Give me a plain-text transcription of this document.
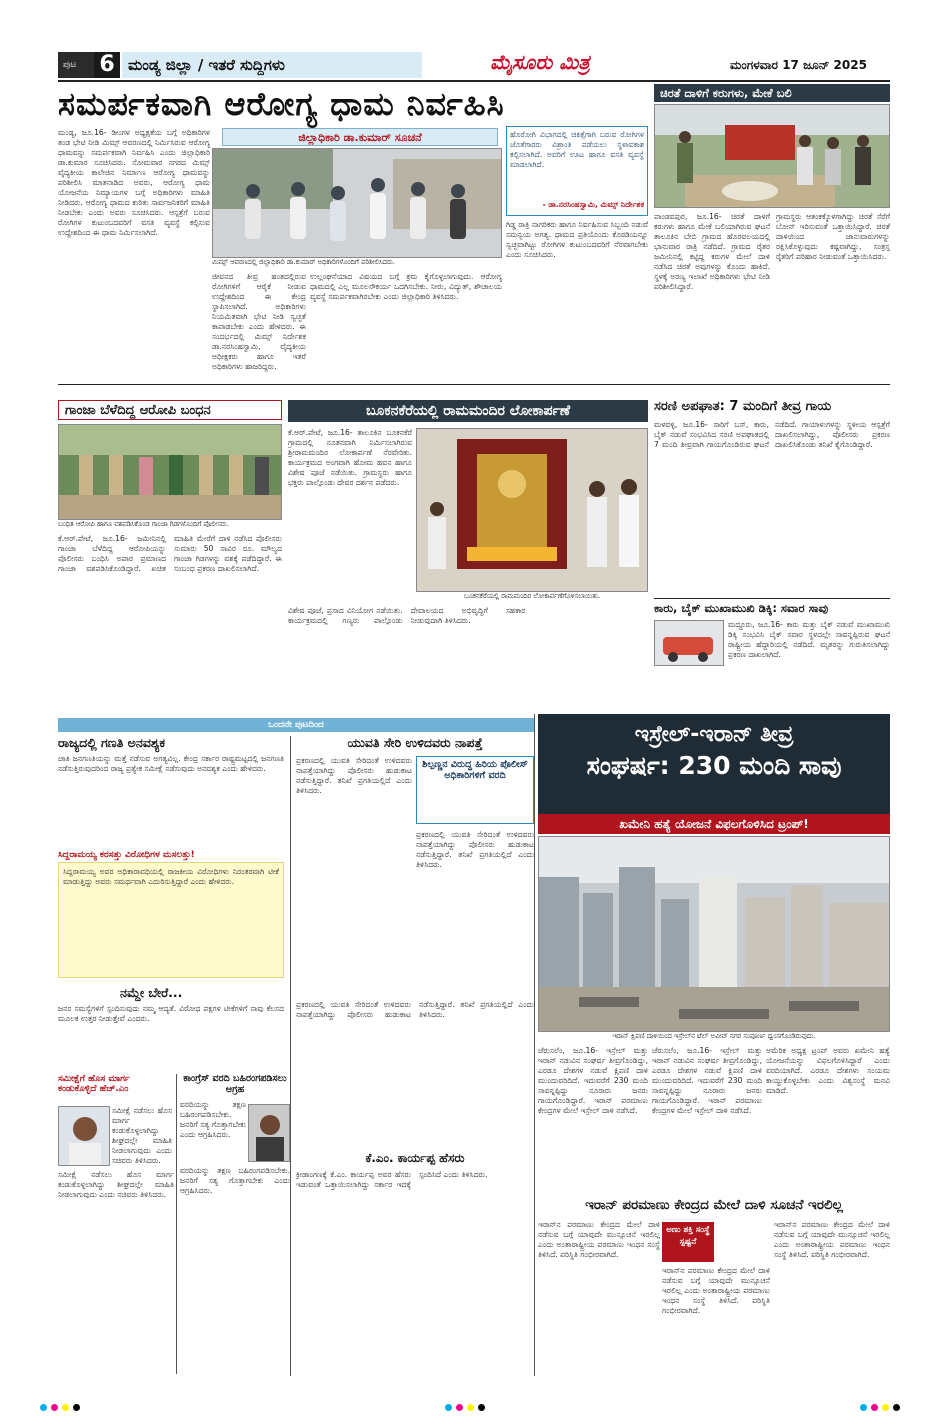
ಪುಟ 6 ಮಂಡ್ಯ ಜಿಲ್ಲಾ / ಇತರೆ ಸುದ್ದಿಗಳು	ಮೈಸೂರು ಮಿತ್ರ	ಮಂಗಳವಾರ 17 ಜೂನ್ 2025
ಸಮರ್ಪಕವಾಗಿ ಆರೋಗ್ಯ ಧಾಮ ನಿರ್ವಹಿಸಿ
ಮಂಡ್ಯ, ಜೂ.16- ಡೀಂಗಳ ಅಧ್ಯಕ್ಷತೆಯ ಬಗ್ಗೆ ಅಧಿಕಾರಿಗಳ ತಂಡ ಭೇಟಿ ನೀಡಿ ಮಿಮ್ಸ್ ಆವರಣದಲ್ಲಿ ನಿರ್ಮಿಸಿರುವ ಆರೋಗ್ಯ ಧಾಮವನ್ನು ಸಮರ್ಪಕವಾಗಿ ನಿರ್ವಹಿಸಿ ಎಂದು ಜಿಲ್ಲಾಧಿಕಾರಿ ಡಾ.ಕುಮಾರ ಸೂಚಿಸಿದರು. ಸೋಮವಾರ ನಗರದ ಮಿಮ್ಸ್ ವೈದ್ಯಕೀಯ ಕಾಲೇಜಿನ ನಿರ್ಮಾಣ ಆರೋಗ್ಯ ಧಾಮವನ್ನು ಪರಿಶೀಲಿಸಿ ಮಾತನಾಡಿದ ಅವರು, ಆರೋಗ್ಯ ಧಾಮ ಯೋಜನೆಯ ನಿಮ್ಯಾಯಗಳ ಬಗ್ಗೆ ಅಧಿಕಾರಿಗಳು ಮಾಹಿತಿ ನೀಡಿದರು. ಆರೋಗ್ಯ ಧಾಮದ ಕುರಿತು ಸಾರ್ವಜನಿಕರಿಗೆ ಮಾಹಿತಿ ನೀಡಬೇಕು ಎಂದು ಅವರು ಸೂಚಿಸಿದರು. ಆಸ್ಪತ್ರೆಗೆ ಬರುವ ರೋಗಿಗಳ ಕುಟುಂಬದವರಿಗೆ ವಸತಿ ವ್ಯವಸ್ಥೆ ಕಲ್ಪಿಸುವ ಉದ್ದೇಶದಿಂದ ಈ ಧಾಮ ನಿರ್ಮಿಸಲಾಗಿದೆ.
ಜಿಲ್ಲಾಧಿಕಾರಿ ಡಾ.ಕುಮಾರ್ ಸೂಚನೆ
ಮಿಮ್ಸ್ ಆವರಣದಲ್ಲಿ ಜಿಲ್ಲಾಧಿಕಾರಿ ಡಾ.ಕುಮಾರ್ ಅಧಿಕಾರಿಗಳೊಂದಿಗೆ ಪರಿಶೀಲಿಸಿದರು.
ಜೀವನದ ತೀವ್ರ ಹಂತದಲ್ಲಿರುವ ರೋಗಿಗಳಿಗೆ ಆರೈಕೆ ನೀಡುವ ಉದ್ದೇಶದಿಂದ ಈ ಕೇಂದ್ರ ಸ್ಥಾಪಿಸಲಾಗಿದೆ. ಅಧಿಕಾರಿಗಳು ನಿಯಮಿತವಾಗಿ ಭೇಟಿ ನೀಡಿ ಸ್ವಚ್ಛತೆ ಕಾಪಾಡಬೇಕು ಎಂದು ಹೇಳಿದರು. ಈ ಸಂದರ್ಭದಲ್ಲಿ ಮಿಮ್ಸ್ ನಿರ್ದೇಶಕ ಡಾ.ನರಸಿಂಹಸ್ವಾಮಿ, ವೈದ್ಯಕೀಯ ಅಧೀಕ್ಷಕರು ಹಾಗೂ ಇತರೆ ಅಧಿಕಾರಿಗಳು ಹಾಜರಿದ್ದರು.
ಉಲ್ಲಂಘನೆಯಾದ ವಿಷಯದ ಬಗ್ಗೆ ಕ್ರಮ ಕೈಗೊಳ್ಳಲಾಗುವುದು. ಆರೋಗ್ಯ ಧಾಮದಲ್ಲಿ ಎಲ್ಲ ಮೂಲಸೌಕರ್ಯ ಒದಗಿಸಬೇಕು. ನೀರು, ವಿದ್ಯುತ್, ಶೌಚಾಲಯ ವ್ಯವಸ್ಥೆ ಸಮರ್ಪಕವಾಗಿರಬೇಕು ಎಂದು ಜಿಲ್ಲಾಧಿಕಾರಿ ತಿಳಿಸಿದರು.
ಹೊರೋಗಿ ವಿಭಾಗದಲ್ಲಿ ಚಿಕಿತ್ಸೆಗಾಗಿ ಬರುವ ರೋಗಿಗಳ ಜೊತೆಗಾರರು ವಿಶ್ರಾಂತಿ ಪಡೆಯಲು ಸ್ಥಳಾವಕಾಶ ಕಲ್ಪಿಸಲಾಗಿದೆ. ಅವರಿಗೆ ಊಟ ಹಾಗೂ ವಸತಿ ವ್ಯವಸ್ಥೆ ಮಾಡಲಾಗಿದೆ.
- ಡಾ.ನರಸಿಂಹಸ್ವಾಮಿ, ಮಿಮ್ಸ್ ನಿರ್ದೇಶಕ
ಗಿಡ್ಡ ರಾತ್ರಿ ನಾಗರಿಕರು ಹಾಗೂ ನಿರ್ವಹಿಸುವ ಸಿಬ್ಬಂದಿ ನಡುವೆ ಸಮನ್ವಯ ಅಗತ್ಯ. ಧಾಮದ ಪ್ರತಿಯೊಂದು ಕೊಠಡಿಯನ್ನೂ ಸ್ವಚ್ಛವಾಗಿಟ್ಟು ರೋಗಿಗಳ ಕುಟುಂಬದವರಿಗೆ ನೆರವಾಗಬೇಕು ಎಂದು ಸೂಚಿಸಿದರು.
ಚಿರತೆ ದಾಳಿಗೆ ಕರುಗಳು, ಮೇಕೆ ಬಲಿ
ಪಾಂಡವಪುರ, ಜೂ.16- ಚಿರತೆ ದಾಳಿಗೆ ಕರುಗಳು ಹಾಗೂ ಮೇಕೆ ಬಲಿಯಾಗಿರುವ ಘಟನೆ ತಾಲೂಕಿನ ಬೇಬಿ ಗ್ರಾಮದ ಹೊರವಲಯದಲ್ಲಿ ಭಾನುವಾರ ರಾತ್ರಿ ನಡೆದಿದೆ. ಗ್ರಾಮದ ರೈತರ ಜಮೀನಿನಲ್ಲಿ ಕಟ್ಟಿದ್ದ ಕರುಗಳ ಮೇಲೆ ದಾಳಿ ನಡೆಸಿದ ಚಿರತೆ ಅವುಗಳನ್ನು ಕೊಂದು ಹಾಕಿದೆ. ಸ್ಥಳಕ್ಕೆ ಅರಣ್ಯ ಇಲಾಖೆ ಅಧಿಕಾರಿಗಳು ಭೇಟಿ ನೀಡಿ ಪರಿಶೀಲಿಸಿದ್ದಾರೆ.
ಗ್ರಾಮಸ್ಥರು ಆತಂಕಕ್ಕೊಳಗಾಗಿದ್ದು ಚಿರತೆ ಸೆರೆಗೆ ಬೋನ್ ಇರಿಸುವಂತೆ ಒತ್ತಾಯಿಸಿದ್ದಾರೆ. ಚಿರತೆ ದಾಳಿಯಿಂದ ಜಾನುವಾರುಗಳನ್ನು ರಕ್ಷಿಸಿಕೊಳ್ಳುವುದು ಕಷ್ಟವಾಗಿದ್ದು, ಸಂತ್ರಸ್ತ ರೈತರಿಗೆ ಪರಿಹಾರ ನೀಡುವಂತೆ ಒತ್ತಾಯಿಸಿದರು.
ಗಾಂಜಾ ಬೆಳೆದಿದ್ದ ಆರೋಪಿ ಬಂಧನ
ಬಂಧಿತ ಆರೋಪಿ ಹಾಗೂ ವಶಪಡಿಸಿಕೊಂಡ ಗಾಂಜಾ ಗಿಡಗಳೊಂದಿಗೆ ಪೊಲೀಸರು.
ಕೆ.ಆರ್.ಪೇಟೆ, ಜೂ.16- ಜಮೀನಿನಲ್ಲಿ ಗಾಂಜಾ ಬೆಳೆದಿದ್ದ ಆರೋಪಿಯನ್ನು ಪೊಲೀಸರು ಬಂಧಿಸಿ ಅಪಾರ ಪ್ರಮಾಣದ ಗಾಂಜಾ ವಶಪಡಿಸಿಕೊಂಡಿದ್ದಾರೆ. ಖಚಿತ ಮಾಹಿತಿ ಮೇರೆಗೆ ದಾಳಿ ನಡೆಸಿದ ಪೊಲೀಸರು ಸುಮಾರು 50 ಸಾವಿರ ರೂ. ಮೌಲ್ಯದ ಗಾಂಜಾ ಗಿಡಗಳನ್ನು ವಶಕ್ಕೆ ಪಡೆದಿದ್ದಾರೆ. ಈ ಸಂಬಂಧ ಪ್ರಕರಣ ದಾಖಲಿಸಲಾಗಿದೆ.
ಬೂಕನಕೆರೆಯಲ್ಲಿ ರಾಮಮಂದಿರ ಲೋಕಾರ್ಪಣೆ
ಕೆ.ಆರ್.ಪೇಟೆ, ಜೂ.16- ತಾಲೂಕಿನ ಬೂಕನಕೆರೆ ಗ್ರಾಮದಲ್ಲಿ ನೂತನವಾಗಿ ನಿರ್ಮಿಸಲಾಗಿರುವ ಶ್ರೀರಾಮಮಂದಿರ ಲೋಕಾರ್ಪಣೆ ನೆರವೇರಿತು. ಕಾರ್ಯಕ್ರಮದ ಅಂಗವಾಗಿ ಹೋಮ ಹವನ ಹಾಗೂ ವಿಶೇಷ ಪೂಜೆ ನಡೆಯಿತು. ಗ್ರಾಮಸ್ಥರು ಹಾಗೂ ಭಕ್ತರು ಪಾಲ್ಗೊಂಡು ದೇವರ ದರ್ಶನ ಪಡೆದರು.
ಬೂಕನಕೆರೆಯಲ್ಲಿ ರಾಮಮಂದಿರ ಲೋಕಾರ್ಪಣೆಗೊಳಿಸಲಾಯಿತು.
ವಿಶೇಷ ಪೂಜೆ, ಪ್ರಸಾದ ವಿನಿಯೋಗ ನಡೆಯಿತು. ಕಾರ್ಯಕ್ರಮದಲ್ಲಿ ಗಣ್ಯರು ಪಾಲ್ಗೊಂಡು ದೇವಾಲಯದ ಅಭಿವೃದ್ಧಿಗೆ ಸಹಕಾರ ನೀಡುವುದಾಗಿ ತಿಳಿಸಿದರು.
ಸರಣಿ ಅಪಘಾತ: 7 ಮಂದಿಗೆ ತೀವ್ರ ಗಾಯ
ಮಳವಳ್ಳಿ, ಜೂ.16- ಸಾರಿಗೆ ಬಸ್, ಕಾರು, ಬೈಕ್ ನಡುವೆ ಸಂಭವಿಸಿದ ಸರಣಿ ಅಪಘಾತದಲ್ಲಿ 7 ಮಂದಿ ತೀವ್ರವಾಗಿ ಗಾಯಗೊಂಡಿರುವ ಘಟನೆ ನಡೆದಿದೆ. ಗಾಯಾಳುಗಳನ್ನು ಸ್ಥಳೀಯ ಆಸ್ಪತ್ರೆಗೆ ದಾಖಲಿಸಲಾಗಿದ್ದು, ಪೊಲೀಸರು ಪ್ರಕರಣ ದಾಖಲಿಸಿಕೊಂಡು ತನಿಖೆ ಕೈಗೊಂಡಿದ್ದಾರೆ.
ಕಾರು, ಬೈಕ್ ಮುಖಾಮುಖಿ ಡಿಕ್ಕಿ: ಸವಾರ ಸಾವು
ಮದ್ದೂರು, ಜೂ.16- ಕಾರು ಮತ್ತು ಬೈಕ್ ನಡುವೆ ಮುಖಾಮುಖಿ ಡಿಕ್ಕಿ ಸಂಭವಿಸಿ ಬೈಕ್ ಸವಾರ ಸ್ಥಳದಲ್ಲೇ ಸಾವನ್ನಪ್ಪಿರುವ ಘಟನೆ ರಾಷ್ಟ್ರೀಯ ಹೆದ್ದಾರಿಯಲ್ಲಿ ನಡೆದಿದೆ. ಮೃತರನ್ನು ಗುರುತಿಸಲಾಗಿದ್ದು ಪ್ರಕರಣ ದಾಖಲಾಗಿದೆ.
ಒಂದನೇ ಪುಟದಿಂದ
ರಾಜ್ಯದಲ್ಲಿ ಗಣತಿ ಅನವಶ್ಯಕ
ಜಾತಿ ಜನಗಣತಿಯನ್ನು ಮತ್ತೆ ನಡೆಸುವ ಅಗತ್ಯವಿಲ್ಲ. ಕೇಂದ್ರ ಸರ್ಕಾರ ರಾಷ್ಟ್ರಮಟ್ಟದಲ್ಲಿ ಜನಗಣತಿ ನಡೆಸುತ್ತಿರುವುದರಿಂದ ರಾಜ್ಯ ಪ್ರತ್ಯೇಕ ಸಮೀಕ್ಷೆ ನಡೆಸುವುದು ಅನವಶ್ಯಕ ಎಂದು ಹೇಳಿದರು.
ಸಿದ್ದರಾಮಯ್ಯ ಕರಸತ್ತು ವಿರೋಧಿಗಳ ಮಸಲತ್ತು!
ಸಿದ್ದರಾಮಯ್ಯ ಅವರ ಅಧಿಕಾರಾವಧಿಯಲ್ಲಿ ರಾಜಕೀಯ ವಿರೋಧಿಗಳು ನಿರಂತರವಾಗಿ ಟೀಕೆ ಮಾಡುತ್ತಿದ್ದು ಅವರು ಸಮರ್ಥವಾಗಿ ಎದುರಿಸುತ್ತಿದ್ದಾರೆ ಎಂದು ಹೇಳಿದರು.
ನಮ್ದೇ ಬೇರೆ...
ಜನರ ಸಮಸ್ಯೆಗಳಿಗೆ ಸ್ಪಂದಿಸುವುದು ನಮ್ಮ ಆದ್ಯತೆ. ವಿರೋಧ ಪಕ್ಷಗಳ ಟೀಕೆಗಳಿಗೆ ನಾವು ಕೆಲಸದ ಮೂಲಕ ಉತ್ತರ ನೀಡುತ್ತೇವೆ ಎಂದರು.
ಸಮೀಕ್ಷೆಗೆ ಹೊಸ ಮಾರ್ಗ ಕಂಡುಕೊಳ್ಳಿದೆ ಹೆಚ್.ಎಂ
ಸಮೀಕ್ಷೆ ನಡೆಸಲು ಹೊಸ ಮಾರ್ಗ ಕಂಡುಕೊಳ್ಳಲಾಗಿದ್ದು ಶೀಘ್ರದಲ್ಲೇ ಮಾಹಿತಿ ನೀಡಲಾಗುವುದು ಎಂದು ಸಚಿವರು ತಿಳಿಸಿದರು.
ಸಮೀಕ್ಷೆ ನಡೆಸಲು ಹೊಸ ಮಾರ್ಗ ಕಂಡುಕೊಳ್ಳಲಾಗಿದ್ದು ಶೀಘ್ರದಲ್ಲೇ ಮಾಹಿತಿ ನೀಡಲಾಗುವುದು ಎಂದು ಸಚಿವರು ತಿಳಿಸಿದರು.
ಕಾಂಗ್ರೆಸ್ ವರದಿ ಬಹಿರಂಗಪಡಿಸಲು ಆಗ್ರಹ
ವರದಿಯನ್ನು ತಕ್ಷಣ ಬಹಿರಂಗಪಡಿಸಬೇಕು. ಜನರಿಗೆ ಸತ್ಯ ಗೊತ್ತಾಗಬೇಕು ಎಂದು ಆಗ್ರಹಿಸಿದರು.
ವರದಿಯನ್ನು ತಕ್ಷಣ ಬಹಿರಂಗಪಡಿಸಬೇಕು. ಜನರಿಗೆ ಸತ್ಯ ಗೊತ್ತಾಗಬೇಕು ಎಂದು ಆಗ್ರಹಿಸಿದರು.
ಯುವತಿ ಸೇರಿ ಉಳಿದವರು ನಾಪತ್ತೆ
ಪ್ರಕರಣದಲ್ಲಿ ಯುವತಿ ಸೇರಿದಂತೆ ಉಳಿದವರು ನಾಪತ್ತೆಯಾಗಿದ್ದು ಪೊಲೀಸರು ಹುಡುಕಾಟ ನಡೆಸುತ್ತಿದ್ದಾರೆ. ತನಿಖೆ ಪ್ರಗತಿಯಲ್ಲಿದೆ ಎಂದು ತಿಳಿಸಿದರು.
ಶಿಲ್ಪಣ್ಣನ ವಿರುದ್ಧ ಹಿರಿಯ ಪೊಲೀಸ್ ಅಧಿಕಾರಿಗಳಿಗೆ ವರದಿ
ಪ್ರಕರಣದಲ್ಲಿ ಯುವತಿ ಸೇರಿದಂತೆ ಉಳಿದವರು ನಾಪತ್ತೆಯಾಗಿದ್ದು ಪೊಲೀಸರು ಹುಡುಕಾಟ ನಡೆಸುತ್ತಿದ್ದಾರೆ. ತನಿಖೆ ಪ್ರಗತಿಯಲ್ಲಿದೆ ಎಂದು ತಿಳಿಸಿದರು.
ಪ್ರಕರಣದಲ್ಲಿ ಯುವತಿ ಸೇರಿದಂತೆ ಉಳಿದವರು ನಾಪತ್ತೆಯಾಗಿದ್ದು ಪೊಲೀಸರು ಹುಡುಕಾಟ ನಡೆಸುತ್ತಿದ್ದಾರೆ. ತನಿಖೆ ಪ್ರಗತಿಯಲ್ಲಿದೆ ಎಂದು ತಿಳಿಸಿದರು.
ಕೆ.ಎಂ. ಕಾರ್ಯಪ್ಪ ಹೆಸರು
ಕ್ರೀಡಾಂಗಣಕ್ಕೆ ಕೆ.ಎಂ. ಕಾರ್ಯಪ್ಪ ಅವರ ಹೆಸರು ಇಡುವಂತೆ ಒತ್ತಾಯಿಸಲಾಗಿದ್ದು ಸರ್ಕಾರ ಇದಕ್ಕೆ ಸ್ಪಂದಿಸಿದೆ ಎಂದು ತಿಳಿಸಿದರು.
ಇಸ್ರೇಲ್-ಇರಾನ್ ತೀವ್ರ
ಸಂಘರ್ಷ: 230 ಮಂದಿ ಸಾವು
ಖಮೇನಿ ಹತ್ಯೆ ಯೋಜನೆ ವಿಫಲಗೊಳಿಸಿದ ಟ್ರಂಪ್!
ಇರಾನ್ ಕ್ಷಿಪಣಿ ದಾಳಿಯಿಂದ ಇಸ್ರೇಲ್‌ನ ಟೆಲ್ ಅವೀವ್ ನಗರ ಸಂಪೂರ್ಣ ಧ್ವಂಸಗೊಂಡಿರುವುದು.
ಜೆರುಸಲೆಂ, ಜೂ.16- ಇಸ್ರೇಲ್ ಮತ್ತು ಇರಾನ್ ನಡುವಿನ ಸಂಘರ್ಷ ತೀವ್ರಗೊಂಡಿದ್ದು, ಎರಡೂ ದೇಶಗಳ ನಡುವೆ ಕ್ಷಿಪಣಿ ದಾಳಿ ಮುಂದುವರಿದಿದೆ. ಇದುವರೆಗೆ 230 ಮಂದಿ ಸಾವನ್ನಪ್ಪಿದ್ದು ನೂರಾರು ಜನರು ಗಾಯಗೊಂಡಿದ್ದಾರೆ. ಇರಾನ್ ಪರಮಾಣು ಕೇಂದ್ರಗಳ ಮೇಲೆ ಇಸ್ರೇಲ್ ದಾಳಿ ನಡೆಸಿದೆ.
ಜೆರುಸಲೆಂ, ಜೂ.16- ಇಸ್ರೇಲ್ ಮತ್ತು ಇರಾನ್ ನಡುವಿನ ಸಂಘರ್ಷ ತೀವ್ರಗೊಂಡಿದ್ದು, ಎರಡೂ ದೇಶಗಳ ನಡುವೆ ಕ್ಷಿಪಣಿ ದಾಳಿ ಮುಂದುವರಿದಿದೆ. ಇದುವರೆಗೆ 230 ಮಂದಿ ಸಾವನ್ನಪ್ಪಿದ್ದು ನೂರಾರು ಜನರು ಗಾಯಗೊಂಡಿದ್ದಾರೆ. ಇರಾನ್ ಪರಮಾಣು ಕೇಂದ್ರಗಳ ಮೇಲೆ ಇಸ್ರೇಲ್ ದಾಳಿ ನಡೆಸಿದೆ.
ಅಮೆರಿಕ ಅಧ್ಯಕ್ಷ ಟ್ರಂಪ್ ಅವರು ಖಮೇನಿ ಹತ್ಯೆ ಯೋಜನೆಯನ್ನು ವಿಫಲಗೊಳಿಸಿದ್ದಾರೆ ಎಂದು ವರದಿಯಾಗಿದೆ. ಎರಡೂ ದೇಶಗಳು ಸಂಯಮ ಕಾಯ್ದುಕೊಳ್ಳಬೇಕು ಎಂದು ವಿಶ್ವಸಂಸ್ಥೆ ಮನವಿ ಮಾಡಿದೆ.
ಇರಾನ್ ಪರಮಾಣು ಕೇಂದ್ರದ ಮೇಲೆ ದಾಳಿ ಸೂಚನೆ ಇರಲಿಲ್ಲ
ಇರಾನ್‌ನ ಪರಮಾಣು ಕೇಂದ್ರದ ಮೇಲೆ ದಾಳಿ ನಡೆಸುವ ಬಗ್ಗೆ ಯಾವುದೇ ಮುನ್ಸೂಚನೆ ಇರಲಿಲ್ಲ ಎಂದು ಅಂತಾರಾಷ್ಟ್ರೀಯ ಪರಮಾಣು ಇಂಧನ ಸಂಸ್ಥೆ ತಿಳಿಸಿದೆ. ಪರಿಸ್ಥಿತಿ ಗಂಭೀರವಾಗಿದೆ.
ಅಣು ಶಕ್ತಿ ಸಂಸ್ಥೆ ಸ್ಪಷ್ಟನೆ
ಇರಾನ್‌ನ ಪರಮಾಣು ಕೇಂದ್ರದ ಮೇಲೆ ದಾಳಿ ನಡೆಸುವ ಬಗ್ಗೆ ಯಾವುದೇ ಮುನ್ಸೂಚನೆ ಇರಲಿಲ್ಲ ಎಂದು ಅಂತಾರಾಷ್ಟ್ರೀಯ ಪರಮಾಣು ಇಂಧನ ಸಂಸ್ಥೆ ತಿಳಿಸಿದೆ. ಪರಿಸ್ಥಿತಿ ಗಂಭೀರವಾಗಿದೆ.
ಇರಾನ್‌ನ ಪರಮಾಣು ಕೇಂದ್ರದ ಮೇಲೆ ದಾಳಿ ನಡೆಸುವ ಬಗ್ಗೆ ಯಾವುದೇ ಮುನ್ಸೂಚನೆ ಇರಲಿಲ್ಲ ಎಂದು ಅಂತಾರಾಷ್ಟ್ರೀಯ ಪರಮಾಣು ಇಂಧನ ಸಂಸ್ಥೆ ತಿಳಿಸಿದೆ. ಪರಿಸ್ಥಿತಿ ಗಂಭೀರವಾಗಿದೆ.
